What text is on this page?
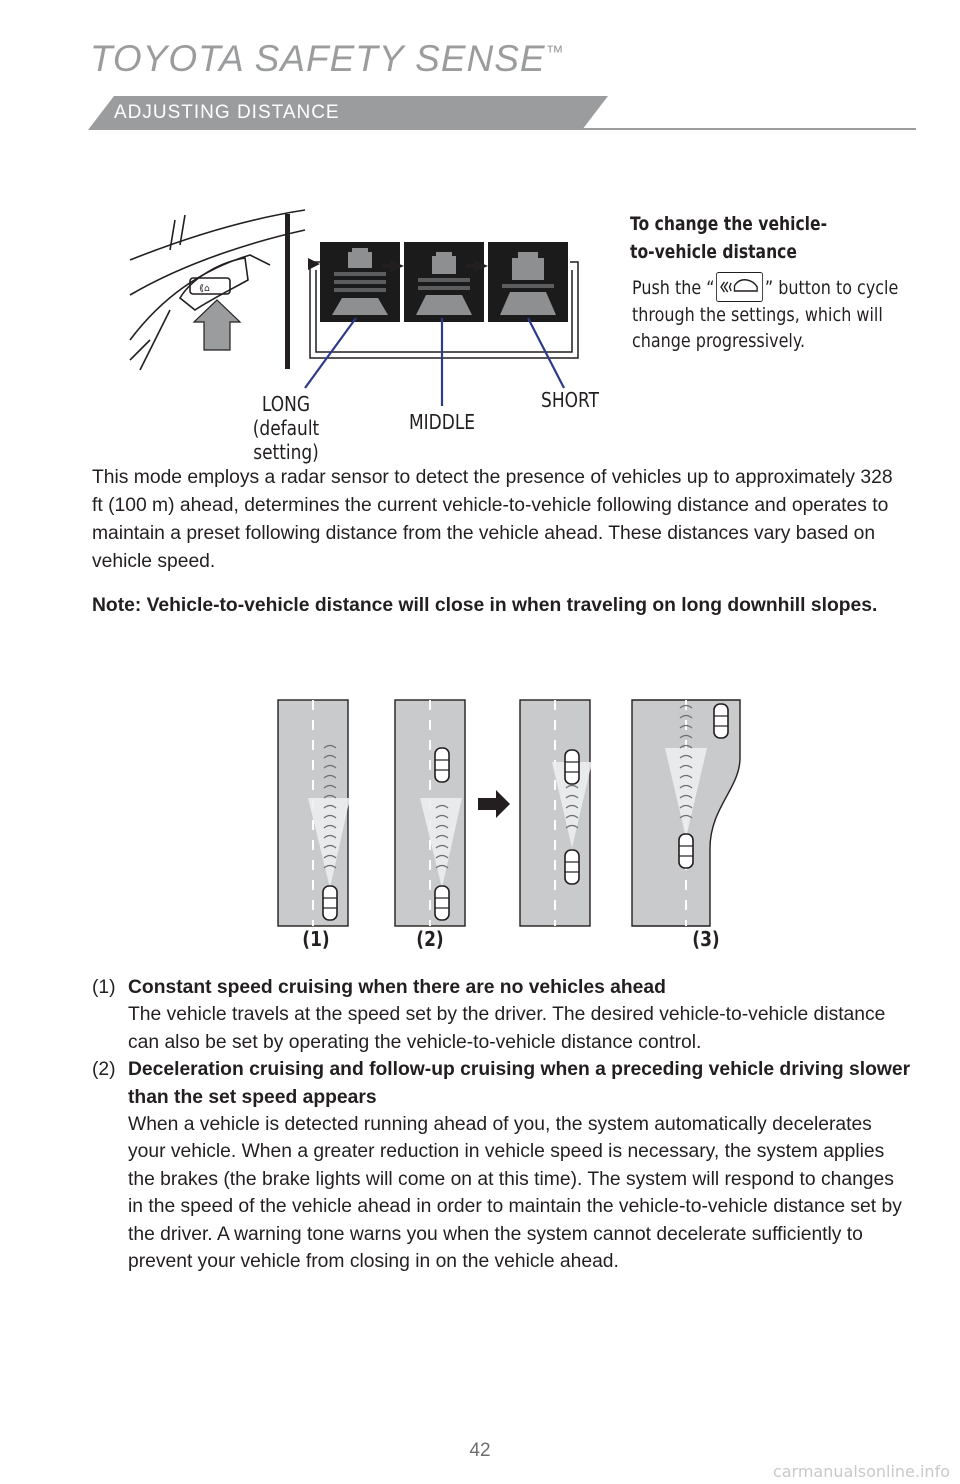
TOYOTA SAFETY SENSE™
ADJUSTING DISTANCE
⟪⌂
LONG
(default setting)
MIDDLE
SHORT
To change the vehicle-to-vehicle distance
Push the “	” button to cycle through the settings, which will change progressively.
This mode employs a radar sensor to detect the presence of vehicles up to approximately 328 ft (100 m) ahead, determines the current vehicle-to-vehicle following distance and operates to maintain a preset following distance from the vehicle ahead. These distances vary based on vehicle speed.
Note: Vehicle-to-vehicle distance will close in when traveling on long downhill slopes.
(1)	(2)	(3)
(1) Constant speed cruising when there are no vehicles ahead
The vehicle travels at the speed set by the driver. The desired vehicle-to-vehicle distance can also be set by operating the vehicle-to-vehicle distance control.
(2) Deceleration cruising and follow-up cruising when a preceding vehicle driving slower than the set speed appears
When a vehicle is detected running ahead of you, the system automatically decelerates your vehicle. When a greater reduction in vehicle speed is necessary, the system applies the brakes (the brake lights will come on at this time). The system will respond to changes in the speed of the vehicle ahead in order to maintain the vehicle-to-vehicle distance set by the driver. A warning tone warns you when the system cannot decelerate sufficiently to prevent your vehicle from closing in on the vehicle ahead.
42
carmanualsonline.info
